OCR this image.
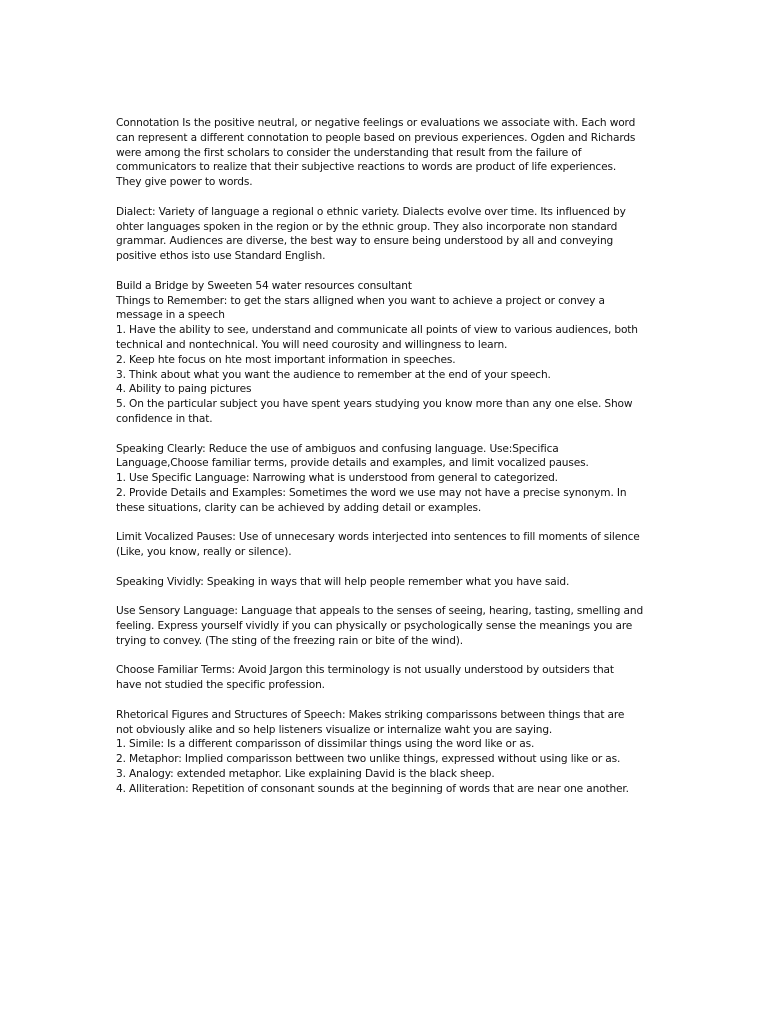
Connotation Is the positive neutral, or negative feelings or evaluations we associate with. Each word
can represent a different connotation to people based on previous experiences. Ogden and Richards
were among the first scholars to consider the understanding that result from the failure of
communicators to realize that their subjective reactions to words are product of life experiences.
They give power to words.
Dialect: Variety of language a regional o ethnic variety. Dialects evolve over time. Its influenced by
ohter languages spoken in the region or by the ethnic group. They also incorporate non standard
grammar. Audiences are diverse, the best way to ensure being understood by all and conveying
positive ethos isto use Standard English.
Build a Bridge by Sweeten 54 water resources consultant
Things to Remember: to get the stars alligned when you want to achieve a project or convey a
message in a speech
1. Have the ability to see, understand and communicate all points of view to various audiences, both
technical and nontechnical. You will need courosity and willingness to learn.
2. Keep hte focus on hte most important information in speeches.
3. Think about what you want the audience to remember at the end of your speech.
4. Ability to paing pictures
5. On the particular subject you have spent years studying you know more than any one else. Show
confidence in that.
Speaking Clearly: Reduce the use of ambiguos and confusing language. Use:Specifica
Language,Choose familiar terms, provide details and examples, and limit vocalized pauses.
1. Use Specific Language: Narrowing what is understood from general to categorized.
2. Provide Details and Examples: Sometimes the word we use may not have a precise synonym. In
these situations, clarity can be achieved by adding detail or examples.
Limit Vocalized Pauses: Use of unnecesary words interjected into sentences to fill moments of silence
(Like, you know, really or silence).
Speaking Vividly: Speaking in ways that will help people remember what you have said.
Use Sensory Language: Language that appeals to the senses of seeing, hearing, tasting, smelling and
feeling. Express yourself vividly if you can physically or psychologically sense the meanings you are
trying to convey. (The sting of the freezing rain or bite of the wind).
Choose Familiar Terms: Avoid Jargon this terminology is not usually understood by outsiders that
have not studied the specific profession.
Rhetorical Figures and Structures of Speech: Makes striking comparissons between things that are
not obviously alike and so help listeners visualize or internalize waht you are saying.
1. Simile: Is a different comparisson of dissimilar things using the word like or as.
2. Metaphor: Implied comparisson bettween two unlike things, expressed without using like or as.
3. Analogy: extended metaphor. Like explaining David is the black sheep.
4. Alliteration: Repetition of consonant sounds at the beginning of words that are near one another.
